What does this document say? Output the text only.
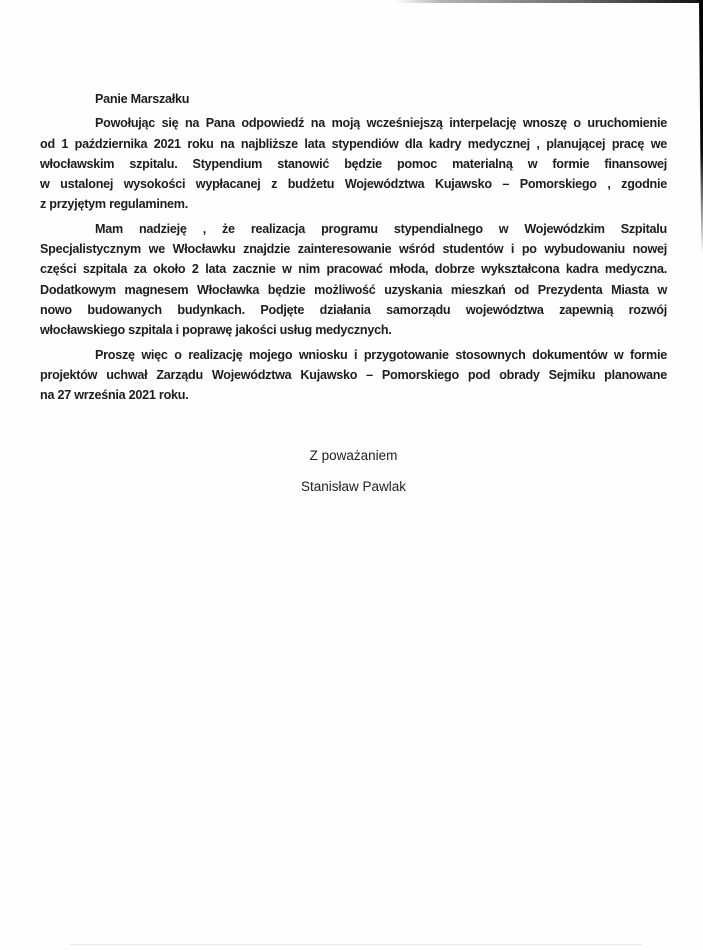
Panie Marszałku
Powołując się na Pana odpowiedź na moją wcześniejszą interpelację wnoszę o uruchomienie
od 1 października 2021 roku na najbliższe lata stypendiów dla kadry medycznej , planującej pracę we
włocławskim szpitalu. Stypendium stanowić będzie pomoc materialną w formie finansowej
w ustalonej wysokości wypłacanej z budżetu Województwa Kujawsko – Pomorskiego , zgodnie
z przyjętym regulaminem.
Mam nadzieję , że realizacja programu stypendialnego w Wojewódzkim Szpitalu
Specjalistycznym we Włocławku znajdzie zainteresowanie wśród studentów i po wybudowaniu nowej
części szpitala za około 2 lata zacznie w nim pracować młoda, dobrze wykształcona kadra medyczna.
Dodatkowym magnesem Włocławka będzie możliwość uzyskania mieszkań od Prezydenta Miasta w
nowo budowanych budynkach. Podjęte działania samorządu województwa zapewnią rozwój
włocławskiego szpitala i poprawę jakości usług medycznych.
Proszę więc o realizację mojego wniosku i przygotowanie stosownych dokumentów w formie
projektów uchwał Zarządu Województwa Kujawsko – Pomorskiego pod obrady Sejmiku planowane
na 27 września 2021 roku.
Z poważaniem
Stanisław Pawlak
